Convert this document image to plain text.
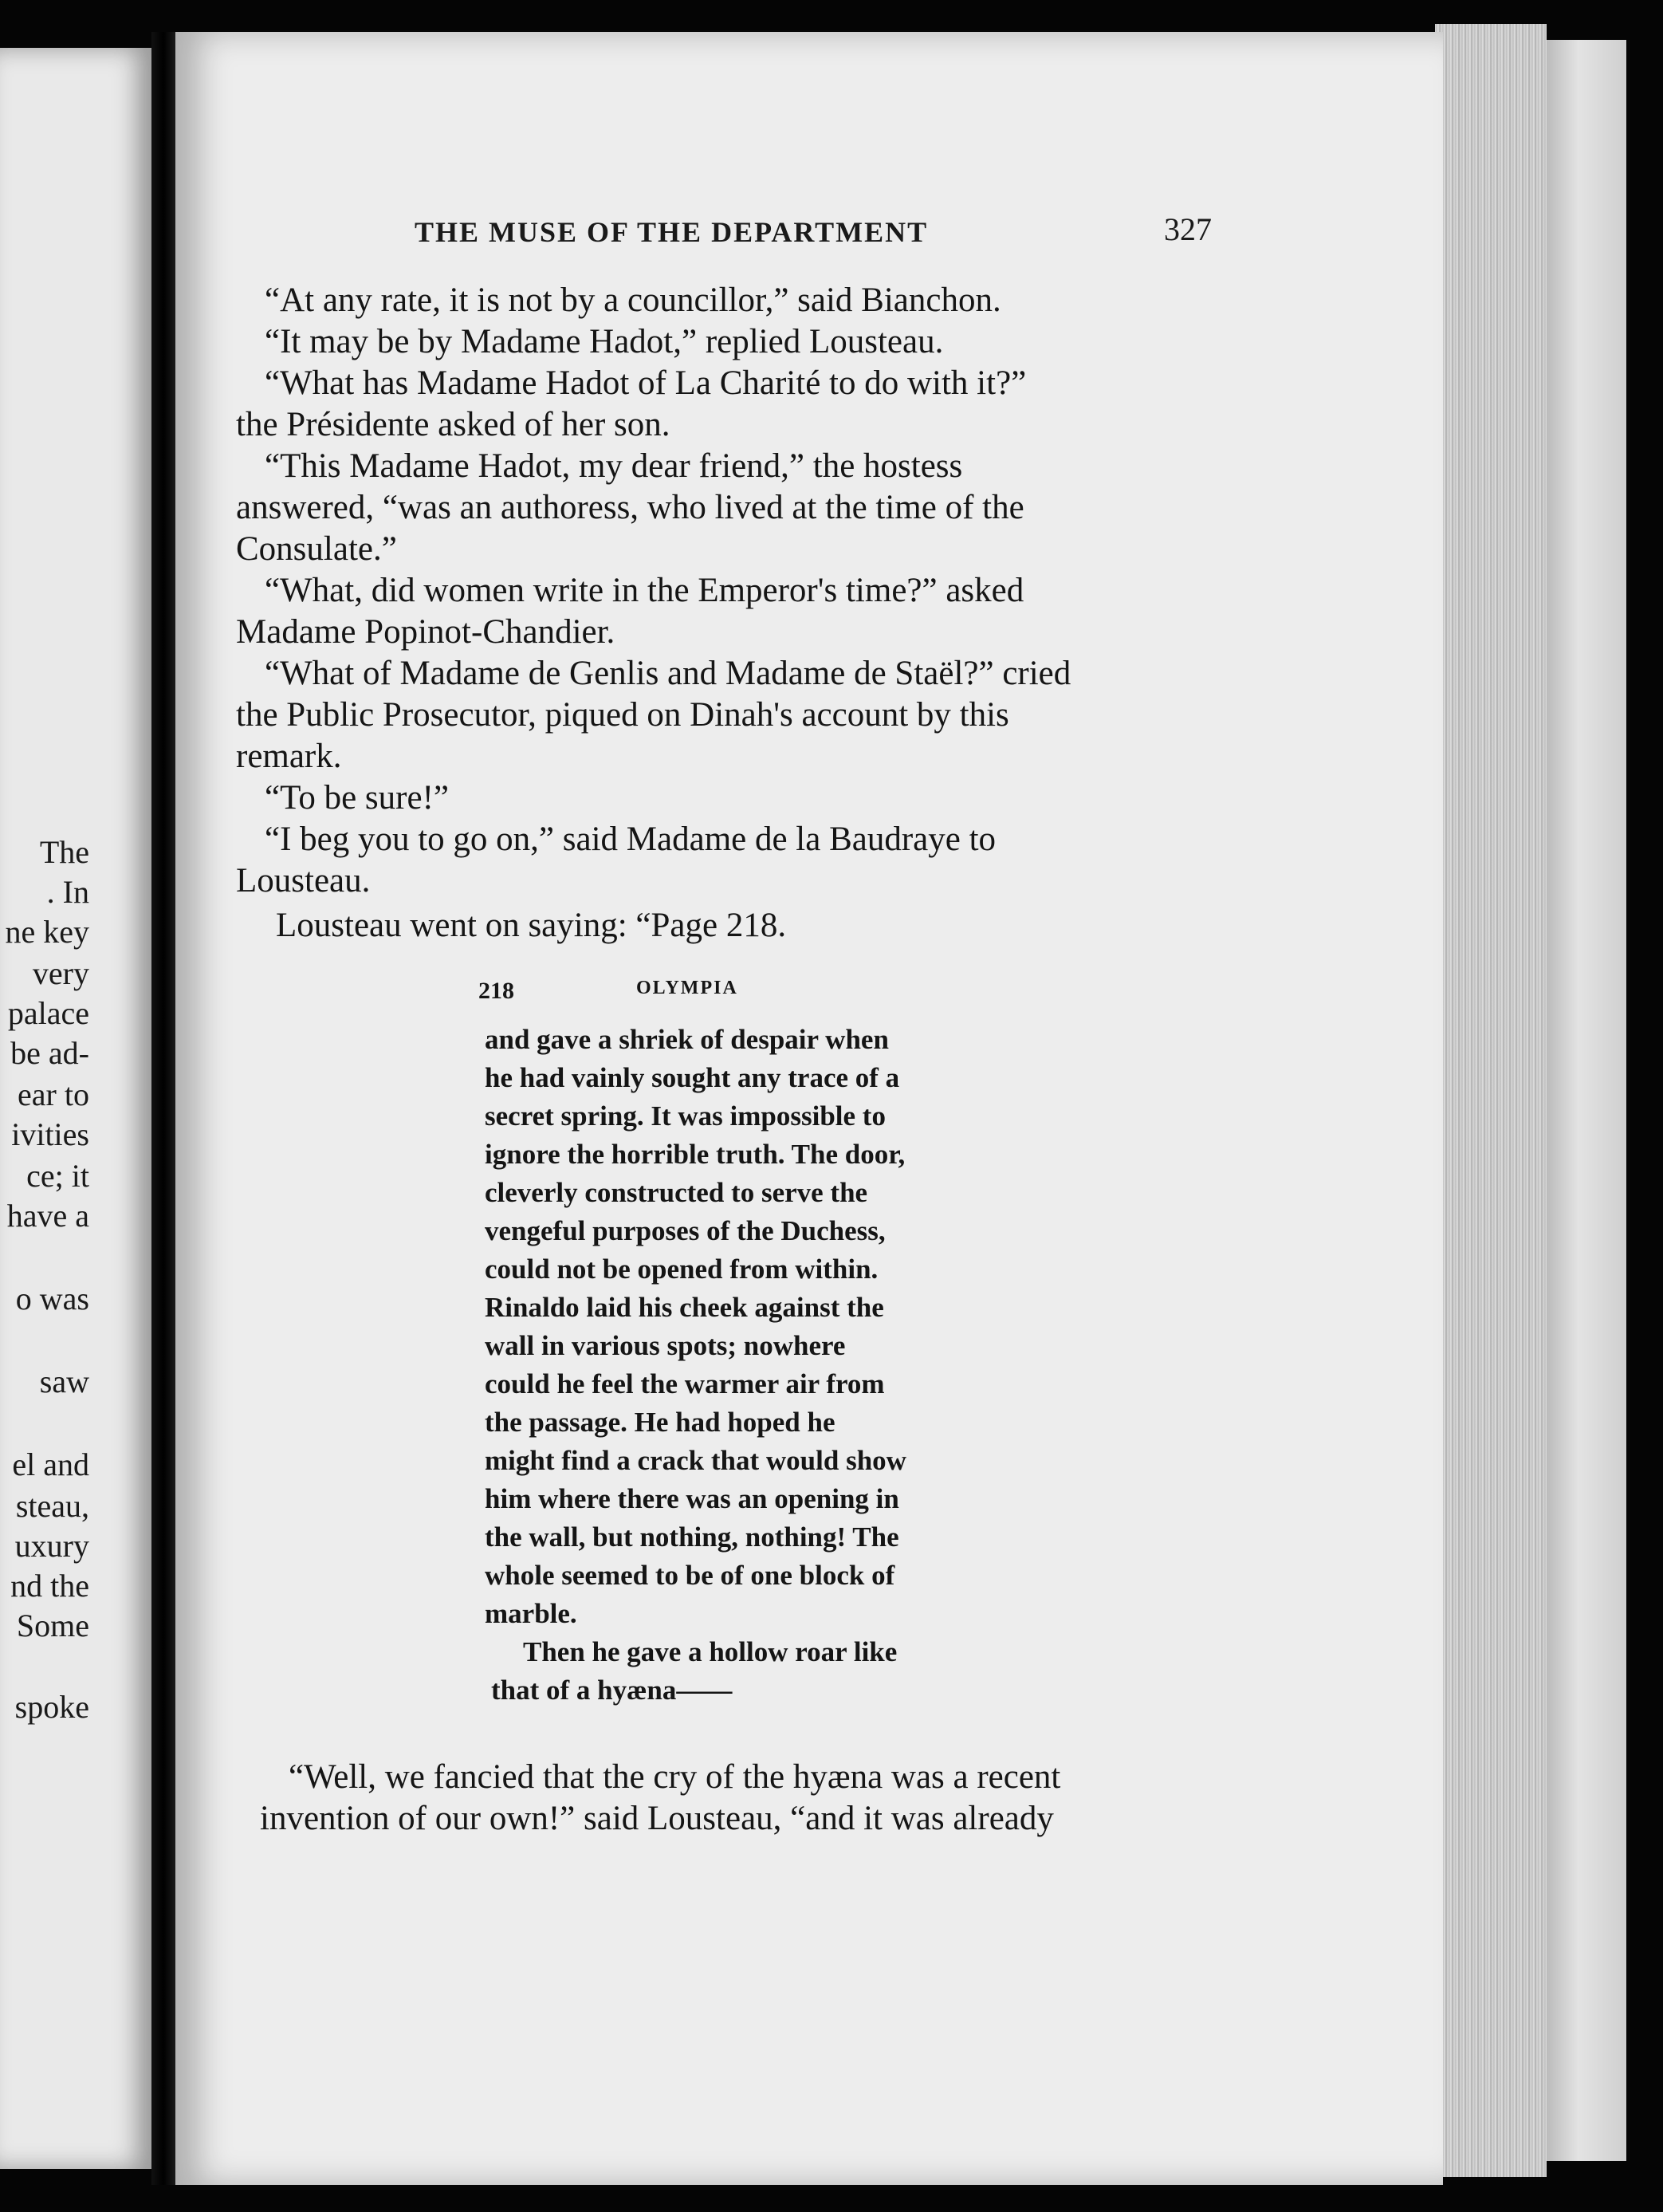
The
. In
ne key
very
palace
be ad-
ear to
ivities
ce; it
have a
o was
saw
el and
steau,
uxury
nd the
Some
spoke
THE MUSE OF THE DEPARTMENT	327
“At any rate, it is not by a councillor,” said Bianchon.
“It may be by Madame Hadot,” replied Lousteau.
“What has Madame Hadot of La Charité to do with it?”
the Présidente asked of her son.
“This Madame Hadot, my dear friend,” the hostess
answered, “was an authoress, who lived at the time of the
Consulate.”
“What, did women write in the Emperor's time?” asked
Madame Popinot-Chandier.
“What of Madame de Genlis and Madame de Staël?” cried
the Public Prosecutor, piqued on Dinah's account by this
remark.
“To be sure!”
“I beg you to go on,” said Madame de la Baudraye to
Lousteau.
Lousteau went on saying: “Page 218.
218	OLYMPIA
and gave a shriek of despair when
he had vainly sought any trace of a
secret spring. It was impossible to
ignore the horrible truth. The door,
cleverly constructed to serve the
vengeful purposes of the Duchess,
could not be opened from within.
Rinaldo laid his cheek against the
wall in various spots; nowhere
could he feel the warmer air from
the passage. He had hoped he
might find a crack that would show
him where there was an opening in
the wall, but nothing, nothing! The
whole seemed to be of one block of
marble.
Then he gave a hollow roar like
that of a hyæna——
“Well, we fancied that the cry of the hyæna was a recent
invention of our own!” said Lousteau, “and it was already
